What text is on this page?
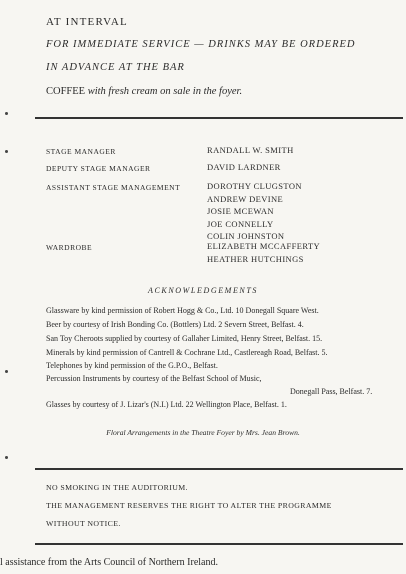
AT INTERVAL
FOR IMMEDIATE SERVICE — DRINKS MAY BE ORDERED
IN ADVANCE AT THE BAR
COFFEE with fresh cream on sale in the foyer.
STAGE MANAGER	RANDALL W. SMITH
DEPUTY STAGE MANAGER	DAVID LARDNER
ASSISTANT STAGE MANAGEMENT	DOROTHY CLUGSTON
ANDREW DEVINE
JOSIE MCEWAN
JOE CONNELLY
COLIN JOHNSTON
WARDROBE	ELIZABETH MCCAFFERTY
HEATHER HUTCHINGS
ACKNOWLEDGEMENTS
Glassware by kind permission of Robert Hogg & Co., Ltd. 10 Donegall Square West.
Beer by courtesy of Irish Bonding Co. (Bottlers) Ltd. 2 Severn Street, Belfast. 4.
San Toy Cheroots supplied by courtesy of Gallaher Limited, Henry Street, Belfast. 15.
Minerals by kind permission of Cantrell & Cochrane Ltd., Castlereagh Road, Belfast. 5.
Telephones by kind permission of the G.P.O., Belfast.
Percussion Instruments by courtesy of the Belfast School of Music,
Donegall Pass, Belfast. 7.
Glasses by courtesy of J. Lizar's (N.I.) Ltd. 22 Wellington Place, Belfast. 1.
Floral Arrangements in the Theatre Foyer by Mrs. Jean Brown.
NO SMOKING IN THE AUDITORIUM.
THE MANAGEMENT RESERVES THE RIGHT TO ALTER THE PROGRAMME
WITHOUT NOTICE.
l assistance from the Arts Council of Northern Ireland.
